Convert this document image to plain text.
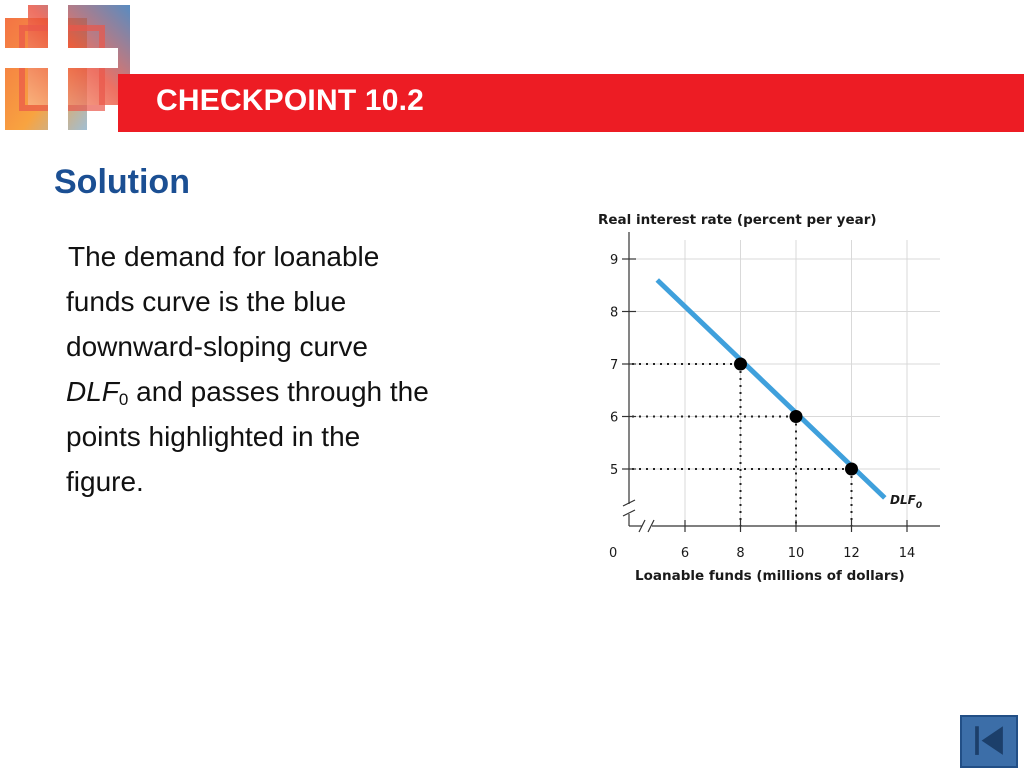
CHECKPOINT 10.2
Solution

The demand for loanable
funds curve is the blue
downward-sloping curve
$DLF_0$ and passes through the
points highlighted in the
figure.	5
6
7
8
9
6	8	10	12	14
Real interest rate (percent per year)
Loanable funds (millions of dollars)
0
$DLF_0$
